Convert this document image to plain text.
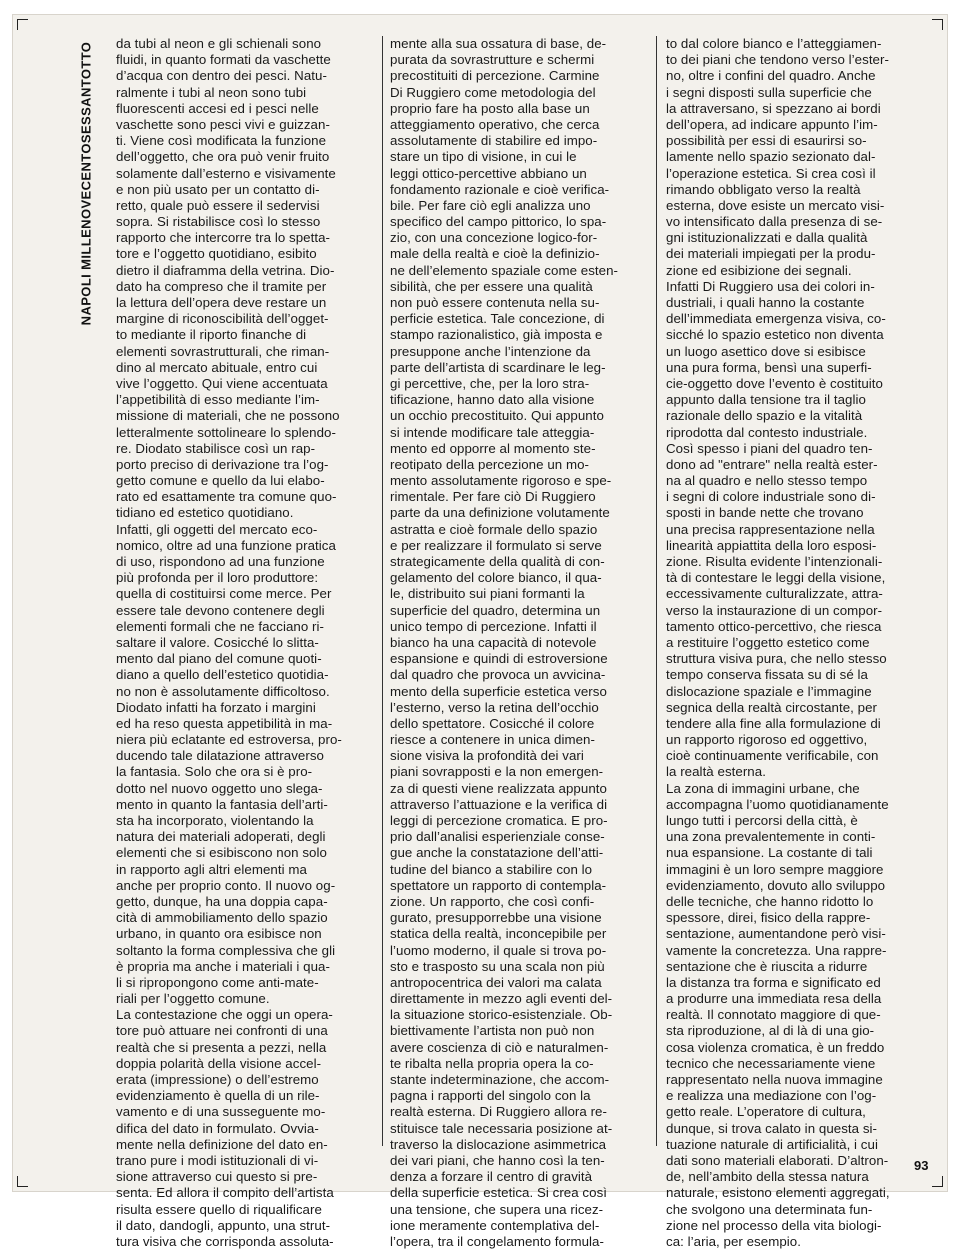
NAPOLI MILLENOVECENTOSESSANTOTTO da tubi al neon e gli schienali sono
fluidi, in quanto formati da vaschette
d’acqua con dentro dei pesci. Natu-
ralmente i tubi al neon sono tubi
fluorescenti accesi ed i pesci nelle
vaschette sono pesci vivi e guizzan-
ti. Viene così modificata la funzione
dell’oggetto, che ora può venir fruito
solamente dall’esterno e visivamente
e non più usato per un contatto di-
retto, quale può essere il sedervisi
sopra. Si ristabilisce così lo stesso
rapporto che intercorre tra lo spetta-
tore e l’oggetto quotidiano, esibito
dietro il diaframma della vetrina. Dio-
dato ha compreso che il tramite per
la lettura dell’opera deve restare un
margine di riconoscibilità dell’ogget-
to mediante il riporto finanche di
elementi sovrastrutturali, che riman-
dino al mercato abituale, entro cui
vive l’oggetto. Qui viene accentuata
l’appetibilità di esso mediante l’im-
missione di materiali, che ne possono
letteralmente sottolineare lo splendo-
re. Diodato stabilisce così un rap-
porto preciso di derivazione tra l’og-
getto comune e quello da lui elabo-
rato ed esattamente tra comune quo-
tidiano ed estetico quotidiano.
Infatti, gli oggetti del mercato eco-
nomico, oltre ad una funzione pratica
di uso, rispondono ad una funzione
più profonda per il loro produttore:
quella di costituirsi come merce. Per
essere tale devono contenere degli
elementi formali che ne facciano ri-
saltare il valore. Cosicché lo slitta-
mento dal piano del comune quoti-
diano a quello dell’estetico quotidia-
no non è assolutamente difficoltoso.
Diodato infatti ha forzato i margini
ed ha reso questa appetibilità in ma-
niera più eclatante ed estroversa, pro-
ducendo tale dilatazione attraverso
la fantasia. Solo che ora si è pro-
dotto nel nuovo oggetto uno slega-
mento in quanto la fantasia dell’arti-
sta ha incorporato, violentando la
natura dei materiali adoperati, degli
elementi che si esibiscono non solo
in rapporto agli altri elementi ma
anche per proprio conto. Il nuovo og-
getto, dunque, ha una doppia capa-
cità di ammobiliamento dello spazio
urbano, in quanto ora esibisce non
soltanto la forma complessiva che gli
è propria ma anche i materiali i qua-
li si ripropongono come anti-mate-
riali per l’oggetto comune.
La contestazione che oggi un opera-
tore può attuare nei confronti di una
realtà che si presenta a pezzi, nella
doppia polarità della visione accel-
erata (impressione) o dell’estremo
evidenziamento è quella di un rile-
vamento e di una susseguente mo-
difica del dato in formulato. Ovvia-
mente nella definizione del dato en-
trano pure i modi istituzionali di vi-
sione attraverso cui questo si pre-
senta. Ed allora il compito dell’artista
risulta essere quello di riqualificare
il dato, dandogli, appunto, una strut-
tura visiva che corrisponda assoluta-
mente alla sua ossatura di base, de-
purata da sovrastrutture e schermi
precostituiti di percezione. Carmine
Di Ruggiero come metodologia del
proprio fare ha posto alla base un
atteggiamento operativo, che cerca
assolutamente di stabilire ed impo-
stare un tipo di visione, in cui le
leggi ottico-percettive abbiano un
fondamento razionale e cioè verifica-
bile. Per fare ciò egli analizza uno
specifico del campo pittorico, lo spa-
zio, con una concezione logico-for-
male della realtà e cioè la definizio-
ne dell’elemento spaziale come esten-
sibilità, che per essere una qualità
non può essere contenuta nella su-
perficie estetica. Tale concezione, di
stampo razionalistico, già imposta e
presuppone anche l’intenzione da
parte dell’artista di scardinare le leg-
gi percettive, che, per la loro stra-
tificazione, hanno dato alla visione
un occhio precostituito. Qui appunto
si intende modificare tale atteggia-
mento ed opporre al momento ste-
reotipato della percezione un mo-
mento assolutamente rigoroso e spe-
rimentale. Per fare ciò Di Ruggiero
parte da una definizione volutamente
astratta e cioè formale dello spazio
e per realizzare il formulato si serve
strategicamente della qualità di con-
gelamento del colore bianco, il qua-
le, distribuito sui piani formanti la
superficie del quadro, determina un
unico tempo di percezione. Infatti il
bianco ha una capacità di notevole
espansione e quindi di estroversione
dal quadro che provoca un avvicina-
mento della superficie estetica verso
l’esterno, verso la retina dell’occhio
dello spettatore. Cosicché il colore
riesce a contenere in unica dimen-
sione visiva la profondità dei vari
piani sovrapposti e la non emergen-
za di questi viene realizzata appunto
attraverso l’attuazione e la verifica di
leggi di percezione cromatica. E pro-
prio dall’analisi esperienziale conse-
gue anche la constatazione dell’atti-
tudine del bianco a stabilire con lo
spettatore un rapporto di contempla-
zione. Un rapporto, che così confi-
gurato, presupporrebbe una visione
statica della realtà, inconcepibile per
l’uomo moderno, il quale si trova po-
sto e trasposto su una scala non più
antropocentrica dei valori ma calata
direttamente in mezzo agli eventi del-
la situazione storico-esistenziale. Ob-
biettivamente l’artista non può non
avere coscienza di ciò e naturalmen-
te ribalta nella propria opera la co-
stante indeterminazione, che accom-
pagna i rapporti del singolo con la
realtà esterna. Di Ruggiero allora re-
stituisce tale necessaria posizione at-
traverso la dislocazione asimmetrica
dei vari piani, che hanno così la ten-
denza a forzare il centro di gravità
della superficie estetica. Si crea così
una tensione, che supera una ricez-
ione meramente contemplativa del-
l’opera, tra il congelamento formula-
to dal colore bianco e l’atteggiamen-
to dei piani che tendono verso l’ester-
no, oltre i confini del quadro. Anche
i segni disposti sulla superficie che
la attraversano, si spezzano ai bordi
dell’opera, ad indicare appunto l’im-
possibilità per essi di esaurirsi so-
lamente nello spazio sezionato dal-
l’operazione estetica. Si crea così il
rimando obbligato verso la realtà
esterna, dove esiste un mercato visi-
vo intensificato dalla presenza di se-
gni istituzionalizzati e dalla qualità
dei materiali impiegati per la produ-
zione ed esibizione dei segnali.
Infatti Di Ruggiero usa dei colori in-
dustriali, i quali hanno la costante
dell’immediata emergenza visiva, co-
sicché lo spazio estetico non diventa
un luogo asettico dove si esibisce
una pura forma, bensì una superfi-
cie-oggetto dove l’evento è costituito
appunto dalla tensione tra il taglio
razionale dello spazio e la vitalità
riprodotta dal contesto industriale.
Così spesso i piani del quadro ten-
dono ad "entrare" nella realtà ester-
na al quadro e nello stesso tempo
i segni di colore industriale sono di-
sposti in bande nette che trovano
una precisa rappresentazione nella
linearità appiattita della loro esposi-
zione. Risulta evidente l’intenzionali-
tà di contestare le leggi della visione,
eccessivamente culturalizzate, attra-
verso la instaurazione di un compor-
tamento ottico-percettivo, che riesca
a restituire l’oggetto estetico come
struttura visiva pura, che nello stesso
tempo conserva fissata su di sé la
dislocazione spaziale e l’immagine
segnica della realtà circostante, per
tendere alla fine alla formulazione di
un rapporto rigoroso ed oggettivo,
cioè continuamente verificabile, con
la realtà esterna.
La zona di immagini urbane, che
accompagna l’uomo quotidianamente
lungo tutti i percorsi della città, è
una zona prevalentemente in conti-
nua espansione. La costante di tali
immagini è un loro sempre maggiore
evidenziamento, dovuto allo sviluppo
delle tecniche, che hanno ridotto lo
spessore, direi, fisico della rappre-
sentazione, aumentandone però visi-
vamente la concretezza. Una rappre-
sentazione che è riuscita a ridurre
la distanza tra forma e significato ed
a produrre una immediata resa della
realtà. Il connotato maggiore di que-
sta riproduzione, al di là di una gio-
cosa violenza cromatica, è un freddo
tecnico che necessariamente viene
rappresentato nella nuova immagine
e realizza una mediazione con l’og-
getto reale. L’operatore di cultura,
dunque, si trova calato in questa si-
tuazione naturale di artificialità, i cui
dati sono materiali elaborati. D’altron-
de, nell’ambito della stessa natura
naturale, esistono elementi aggregati,
che svolgono una determinata fun-
zione nel processo della vita biologi-
ca: l’aria, per esempio.
93
